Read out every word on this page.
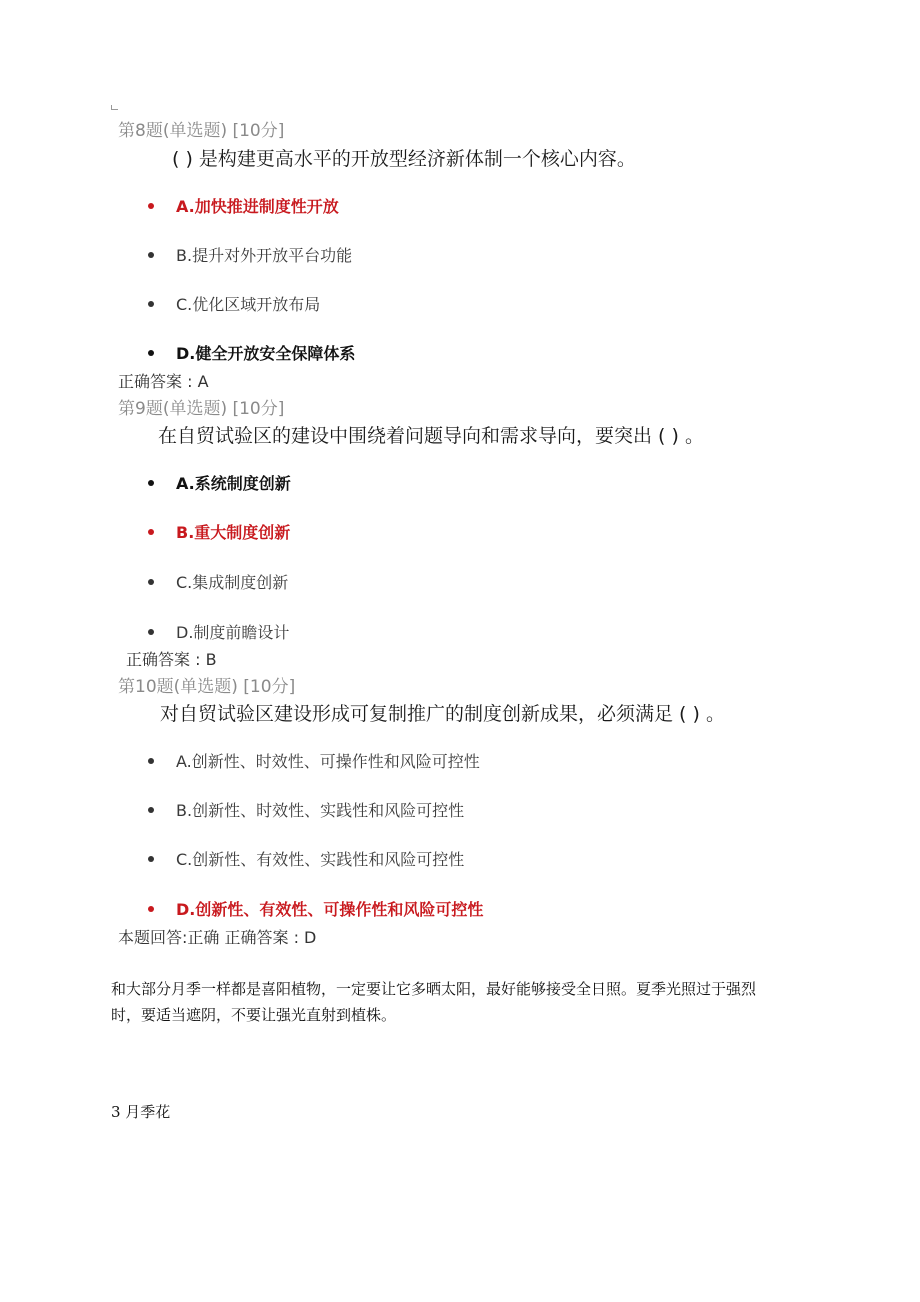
第8题(单选题) [10分]
( ) 是构建更高水平的开放型经济新体制一个核心内容。
A.加快推进制度性开放
B.提升对外开放平台功能
C.优化区域开放布局
D.健全开放安全保障体系
正确答案 : A
第9题(单选题) [10分]
在自贸试验区的建设中围绕着问题导向和需求导向，要突出 ( ) 。
A.系统制度创新
B.重大制度创新
C.集成制度创新
D.制度前瞻设计
正确答案 : B
第10题(单选题) [10分]
对自贸试验区建设形成可复制推广的制度创新成果，必须满足 ( ) 。
A.创新性、时效性、可操作性和风险可控性
B.创新性、时效性、实践性和风险可控性
C.创新性、有效性、实践性和风险可控性
D.创新性、有效性、可操作性和风险可控性
本题回答:正确 正确答案 : D
和大部分月季一样都是喜阳植物，一定要让它多晒太阳，最好能够接受全日照。夏季光照过于强烈
时，要适当遮阴，不要让强光直射到植株。
3 月季花
